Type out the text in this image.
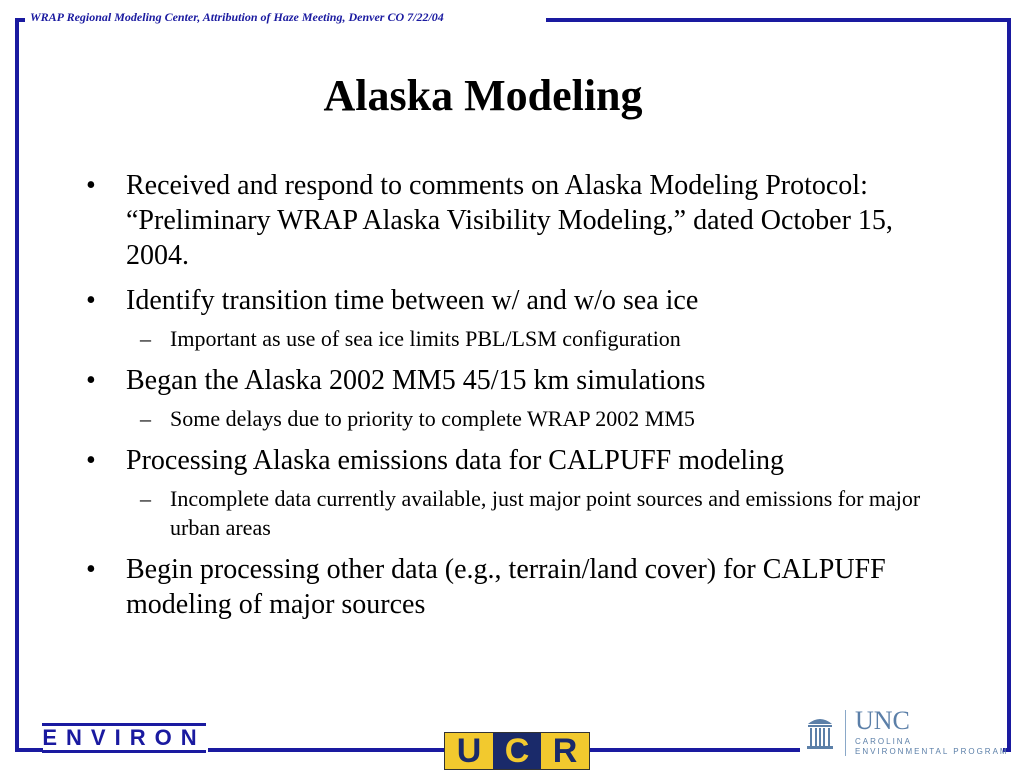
WRAP Regional Modeling Center, Attribution of Haze Meeting, Denver CO 7/22/04
Alaska Modeling
• Received and respond to comments on Alaska Modeling Protocol: “Preliminary WRAP Alaska Visibility Modeling,” dated October 15, 2004.
• Identify transition time between w/ and w/o sea ice
– Important as use of sea ice limits PBL/LSM configuration
• Began the Alaska 2002 MM5 45/15 km simulations
– Some delays due to priority to complete WRAP 2002 MM5
• Processing Alaska emissions data for CALPUFF modeling
– Incomplete data currently available, just major point sources and emissions for major urban areas
• Begin processing other data (e.g., terrain/land cover) for CALPUFF modeling of major sources
ENVIRON	U C R
UNC
CAROLINA
ENVIRONMENTAL PROGRAM
